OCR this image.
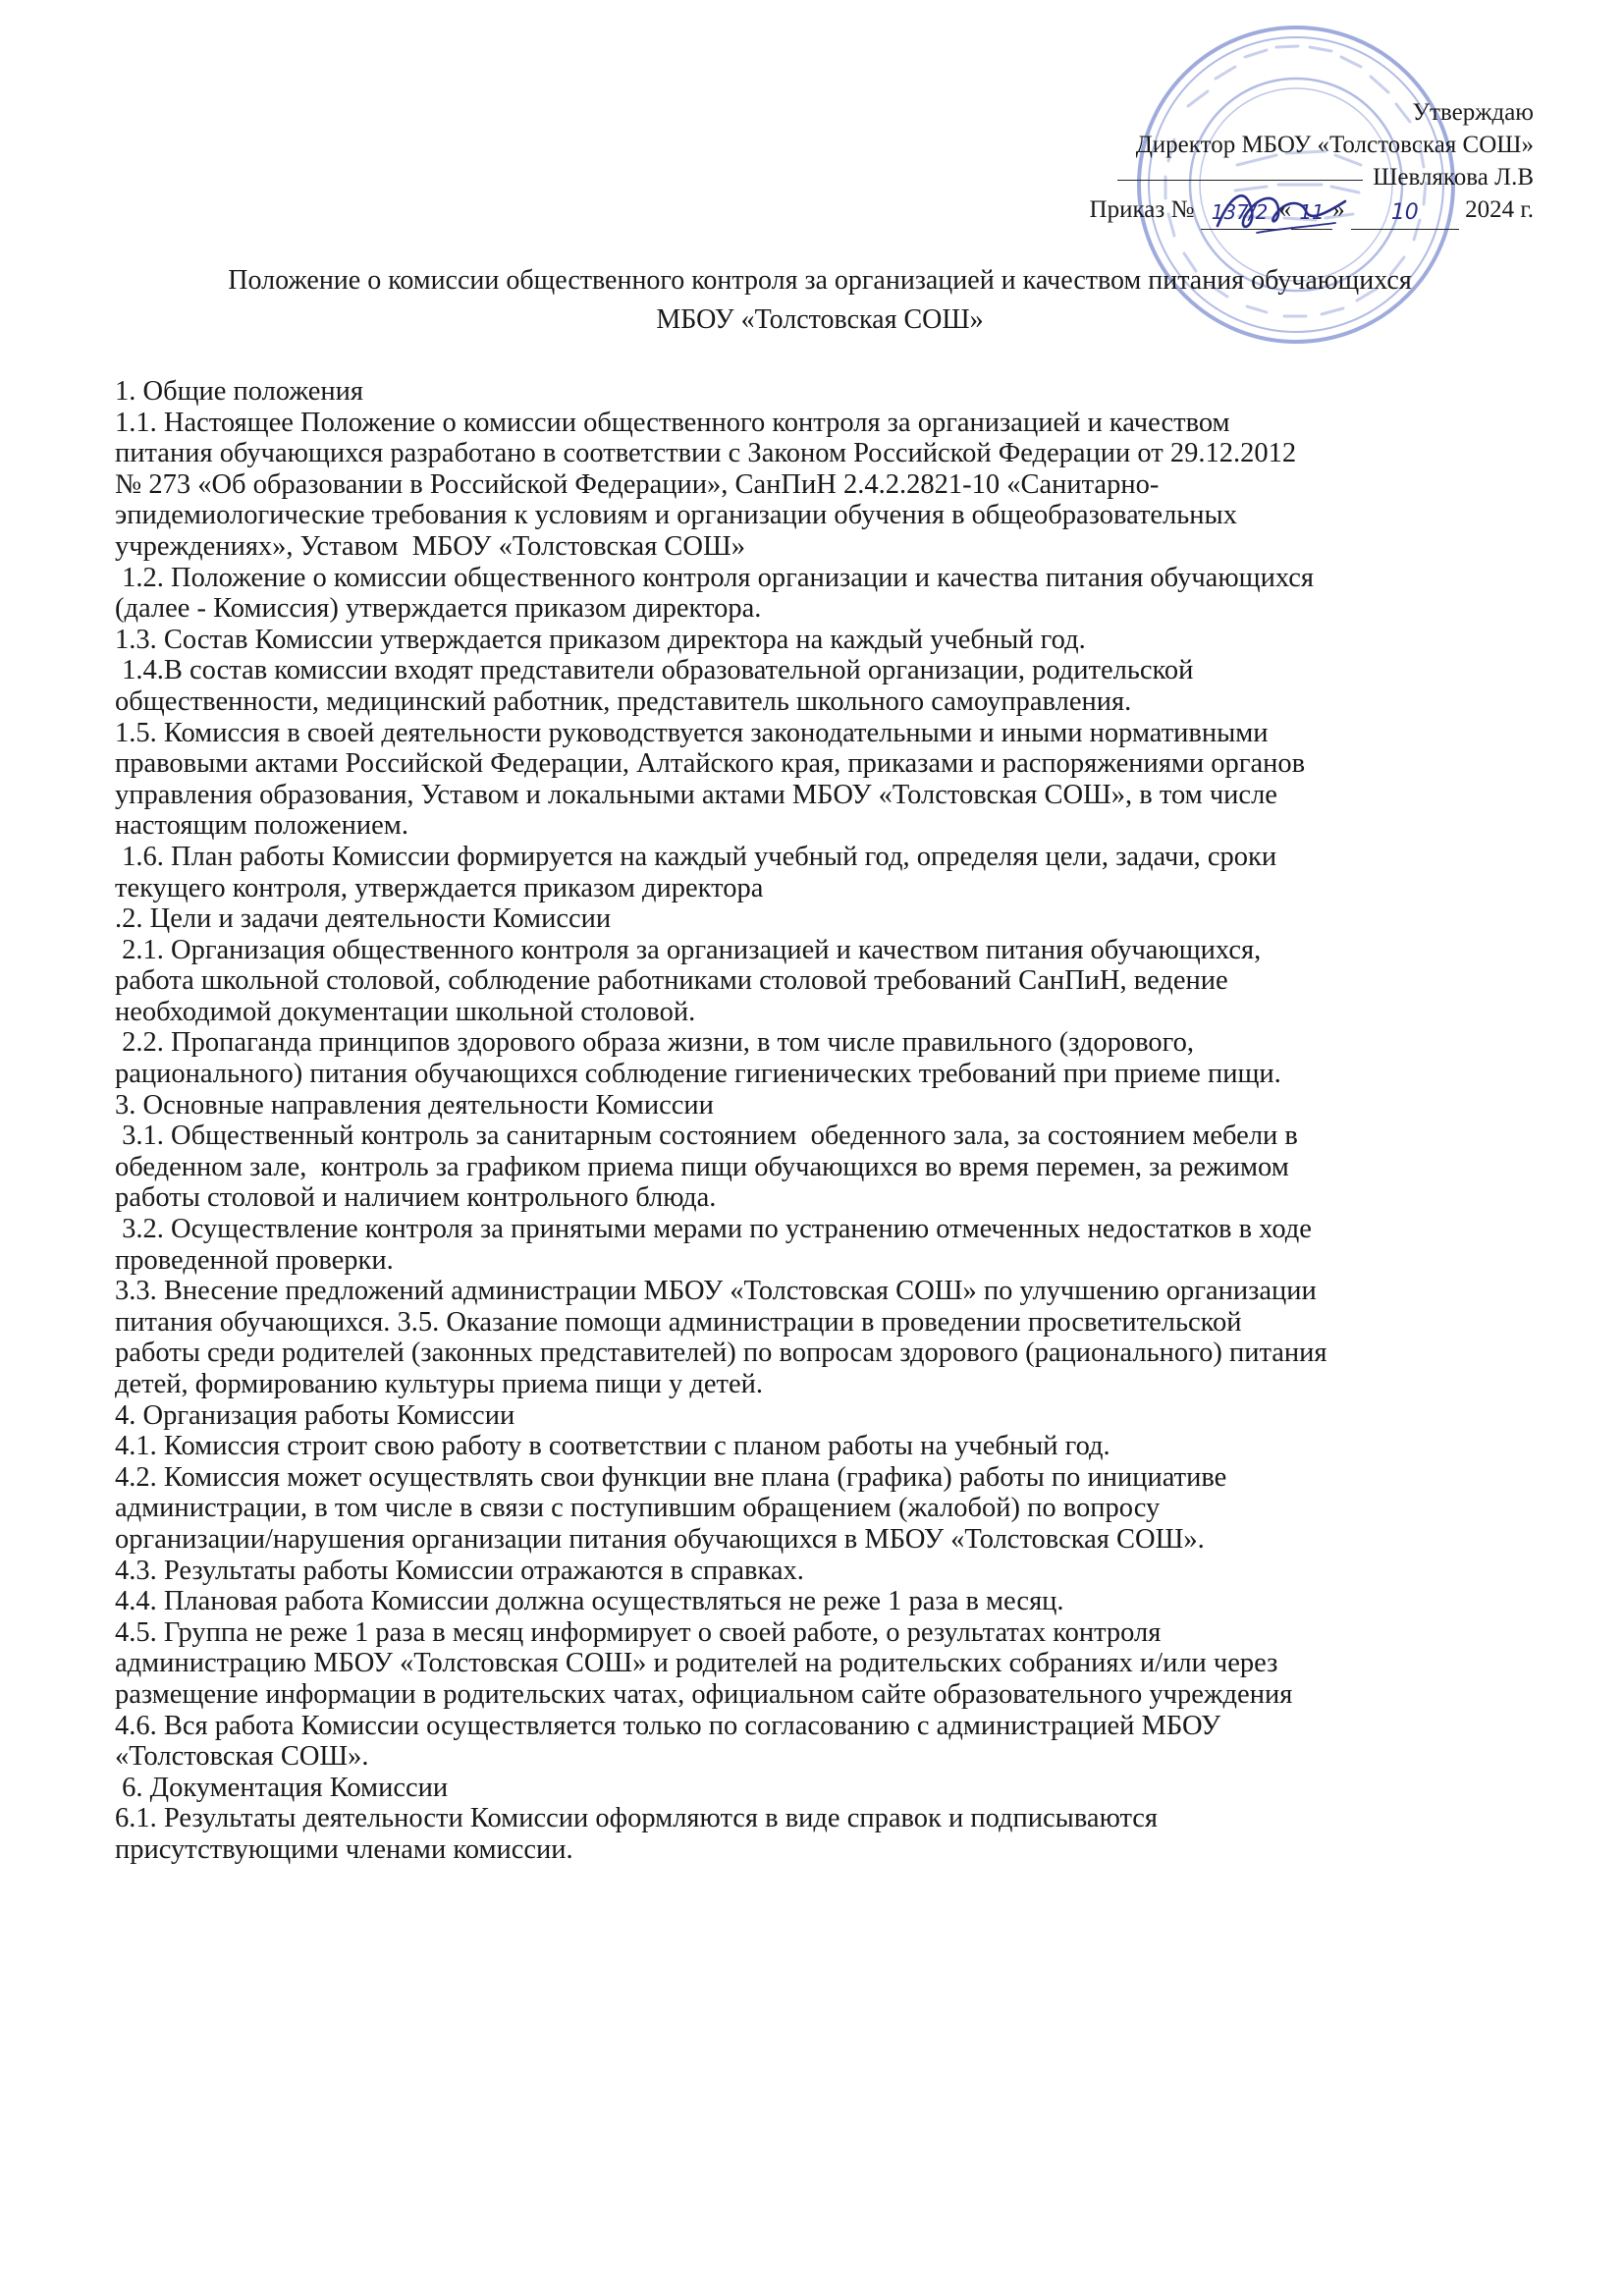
Утверждаю
Директор МБОУ «Толстовская СОШ»
Шевлякова Л.В
Приказ № 137/2 « 11 » 10 2024 г.
Положение о комиссии общественного контроля за организацией и качеством питания обучающихся
МБОУ «Толстовская СОШ»

1. Общие положения

1.1. Настоящее Положение о комиссии общественного контроля за организацией и качеством

питания обучающихся разработано в соответствии с Законом Российской Федерации от 29.12.2012

№ 273 «Об образовании в Российской Федерации», СанПиН 2.4.2.2821-10 «Санитарно-

эпидемиологические требования к условиям и организации обучения в общеобразовательных

учреждениях», Уставом  МБОУ «Толстовская СОШ»

1.2. Положение о комиссии общественного контроля организации и качества питания обучающихся

(далее - Комиссия) утверждается приказом директора.

1.3. Состав Комиссии утверждается приказом директора на каждый учебный год.

1.4.В состав комиссии входят представители образовательной организации, родительской

общественности, медицинский работник, представитель школьного самоуправления.

1.5. Комиссия в своей деятельности руководствуется законодательными и иными нормативными

правовыми актами Российской Федерации, Алтайского края, приказами и распоряжениями органов

управления образования, Уставом и локальными актами МБОУ «Толстовская СОШ», в том числе

настоящим положением.

1.6. План работы Комиссии формируется на каждый учебный год, определяя цели, задачи, сроки

текущего контроля, утверждается приказом директора

.2. Цели и задачи деятельности Комиссии

2.1. Организация общественного контроля за организацией и качеством питания обучающихся,

работа школьной столовой, соблюдение работниками столовой требований СанПиН, ведение

необходимой документации школьной столовой.

2.2. Пропаганда принципов здорового образа жизни, в том числе правильного (здорового,

рационального) питания обучающихся соблюдение гигиенических требований при приеме пищи.

3. Основные направления деятельности Комиссии

3.1. Общественный контроль за санитарным состоянием  обеденного зала, за состоянием мебели в

обеденном зале,  контроль за графиком приема пищи обучающихся во время перемен, за режимом

работы столовой и наличием контрольного блюда.

3.2. Осуществление контроля за принятыми мерами по устранению отмеченных недостатков в ходе

проведенной проверки.

3.3. Внесение предложений администрации МБОУ «Толстовская СОШ» по улучшению организации

питания обучающихся. 3.5. Оказание помощи администрации в проведении просветительской

работы среди родителей (законных представителей) по вопросам здорового (рационального) питания

детей, формированию культуры приема пищи у детей.

4. Организация работы Комиссии

4.1. Комиссия строит свою работу в соответствии с планом работы на учебный год.

4.2. Комиссия может осуществлять свои функции вне плана (графика) работы по инициативе

администрации, в том числе в связи с поступившим обращением (жалобой) по вопросу

организации/нарушения организации питания обучающихся в МБОУ «Толстовская СОШ».

4.3. Результаты работы Комиссии отражаются в справках.

4.4. Плановая работа Комиссии должна осуществляться не реже 1 раза в месяц.

4.5. Группа не реже 1 раза в месяц информирует о своей работе, о результатах контроля

администрацию МБОУ «Толстовская СОШ» и родителей на родительских собраниях и/или через

размещение информации в родительских чатах, официальном сайте образовательного учреждения

4.6. Вся работа Комиссии осуществляется только по согласованию с администрацией МБОУ

«Толстовская СОШ».

6. Документация Комиссии

6.1. Результаты деятельности Комиссии оформляются в виде справок и подписываются

присутствующими членами комиссии.
